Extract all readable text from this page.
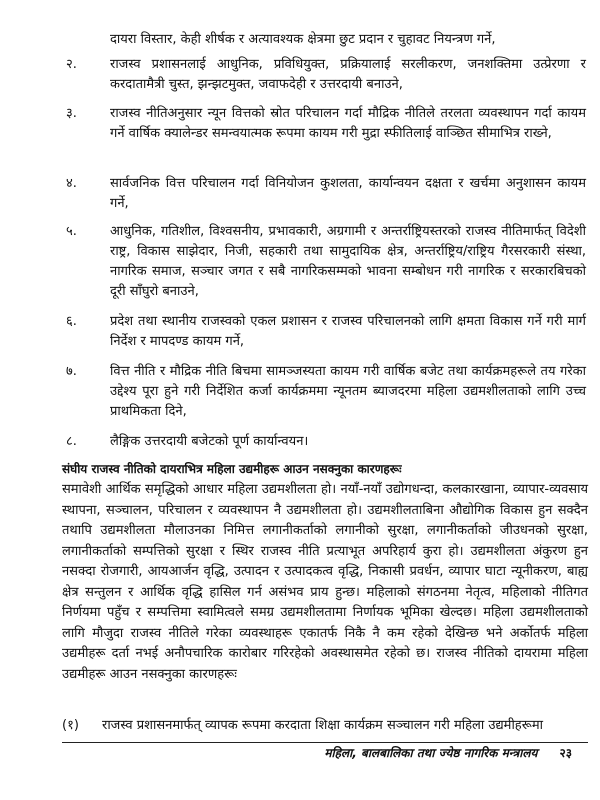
दायरा विस्तार, केही शीर्षक र अत्यावश्यक क्षेत्रमा छुट प्रदान र चुहावट नियन्त्रण गर्ने,
२.	राजस्व प्रशासनलाई आधुनिक, प्रविधियुक्त, प्रक्रियालाई सरलीकरण, जनशक्तिमा उत्प्रेरणा र करदातामैत्री चुस्त, झन्झटमुक्त, जवाफदेही र उत्तरदायी बनाउने,
३.	राजस्व नीतिअनुसार न्यून वित्तको स्रोत परिचालन गर्दा मौद्रिक नीतिले तरलता व्यवस्थापन गर्दा कायम गर्ने वार्षिक क्यालेन्डर समन्वयात्मक रूपमा कायम गरी मुद्रा स्फीतिलाई वाञ्छित सीमाभित्र राख्ने,
४.	सार्वजनिक वित्त परिचालन गर्दा विनियोजन कुशलता, कार्यान्वयन दक्षता र खर्चमा अनुशासन कायम गर्ने,
५.	आधुनिक, गतिशील, विश्वसनीय, प्रभावकारी, अग्रगामी र अन्तर्राष्ट्रियस्तरको राजस्व नीतिमार्फत् विदेशी राष्ट्र, विकास साझेदार, निजी, सहकारी तथा सामुदायिक क्षेत्र, अन्तर्राष्ट्रिय/राष्ट्रिय गैरसरकारी संस्था, नागरिक समाज, सञ्चार जगत र सबै नागरिकसम्मको भावना सम्बोधन गरी नागरिक र सरकारबिचको दूरी साँघुरो बनाउने,
६.	प्रदेश तथा स्थानीय राजस्वको एकल प्रशासन र राजस्व परिचालनको लागि क्षमता विकास गर्ने गरी मार्ग निर्देश र मापदण्ड कायम गर्ने,
७.	वित्त नीति र मौद्रिक नीति बिचमा सामञ्जस्यता कायम गरी वार्षिक बजेट तथा कार्यक्रमहरूले तय गरेका उद्देश्य पूरा हुने गरी निर्देशित कर्जा कार्यक्रममा न्यूनतम ब्याजदरमा महिला उद्यमशीलताको लागि उच्च प्राथमिकता दिने,
८.	लैङ्गिक उत्तरदायी बजेटको पूर्ण कार्यान्वयन।
संघीय राजस्व नीतिको दायराभित्र महिला उद्यमीहरू आउन नसक्नुका कारणहरूः
समावेशी आर्थिक समृद्धिको आधार महिला उद्यमशीलता हो। नयाँ-नयाँ उद्योगधन्दा, कलकारखाना, व्यापार-व्यवसाय स्थापना, सञ्चालन, परिचालन र व्यवस्थापन नै उद्यमशीलता हो। उद्यमशीलताबिना औद्योगिक विकास हुन सक्दैन तथापि उद्यमशीलता मौलाउनका निमित्त लगानीकर्ताको लगानीको सुरक्षा, लगानीकर्ताको जीउधनको सुरक्षा, लगानीकर्ताको सम्पत्तिको सुरक्षा र स्थिर राजस्व नीति प्रत्याभूत अपरिहार्य कुरा हो। उद्यमशीलता अंकुरण हुन नसक्दा रोजगारी, आयआर्जन वृद्धि, उत्पादन र उत्पादकत्व वृद्धि, निकासी प्रवर्धन, व्यापार घाटा न्यूनीकरण, बाह्य क्षेत्र सन्तुलन र आर्थिक वृद्धि हासिल गर्न असंभव प्राय हुन्छ। महिलाको संगठनमा नेतृत्व, महिलाको नीतिगत निर्णयमा पहुँच र सम्पत्तिमा स्वामित्वले समग्र उद्यमशीलतामा निर्णायक भूमिका खेल्दछ। महिला उद्यमशीलताको लागि मौजुदा राजस्व नीतिले गरेका व्यवस्थाहरू एकातर्फ निकै नै कम रहेको देखिन्छ भने अर्कोतर्फ महिला उद्यमीहरू दर्ता नभई अनौपचारिक कारोबार गरिरहेको अवस्थासमेत रहेको छ। राजस्व नीतिको दायरामा महिला उद्यमीहरू आउन नसक्नुका कारणहरूः
(१) राजस्व प्रशासनमार्फत् व्यापक रूपमा करदाता शिक्षा कार्यक्रम सञ्चालन गरी महिला उद्यमीहरूमा
महिला, बालबालिका तथा ज्येष्ठ नागरिक मन्त्रालय २३
